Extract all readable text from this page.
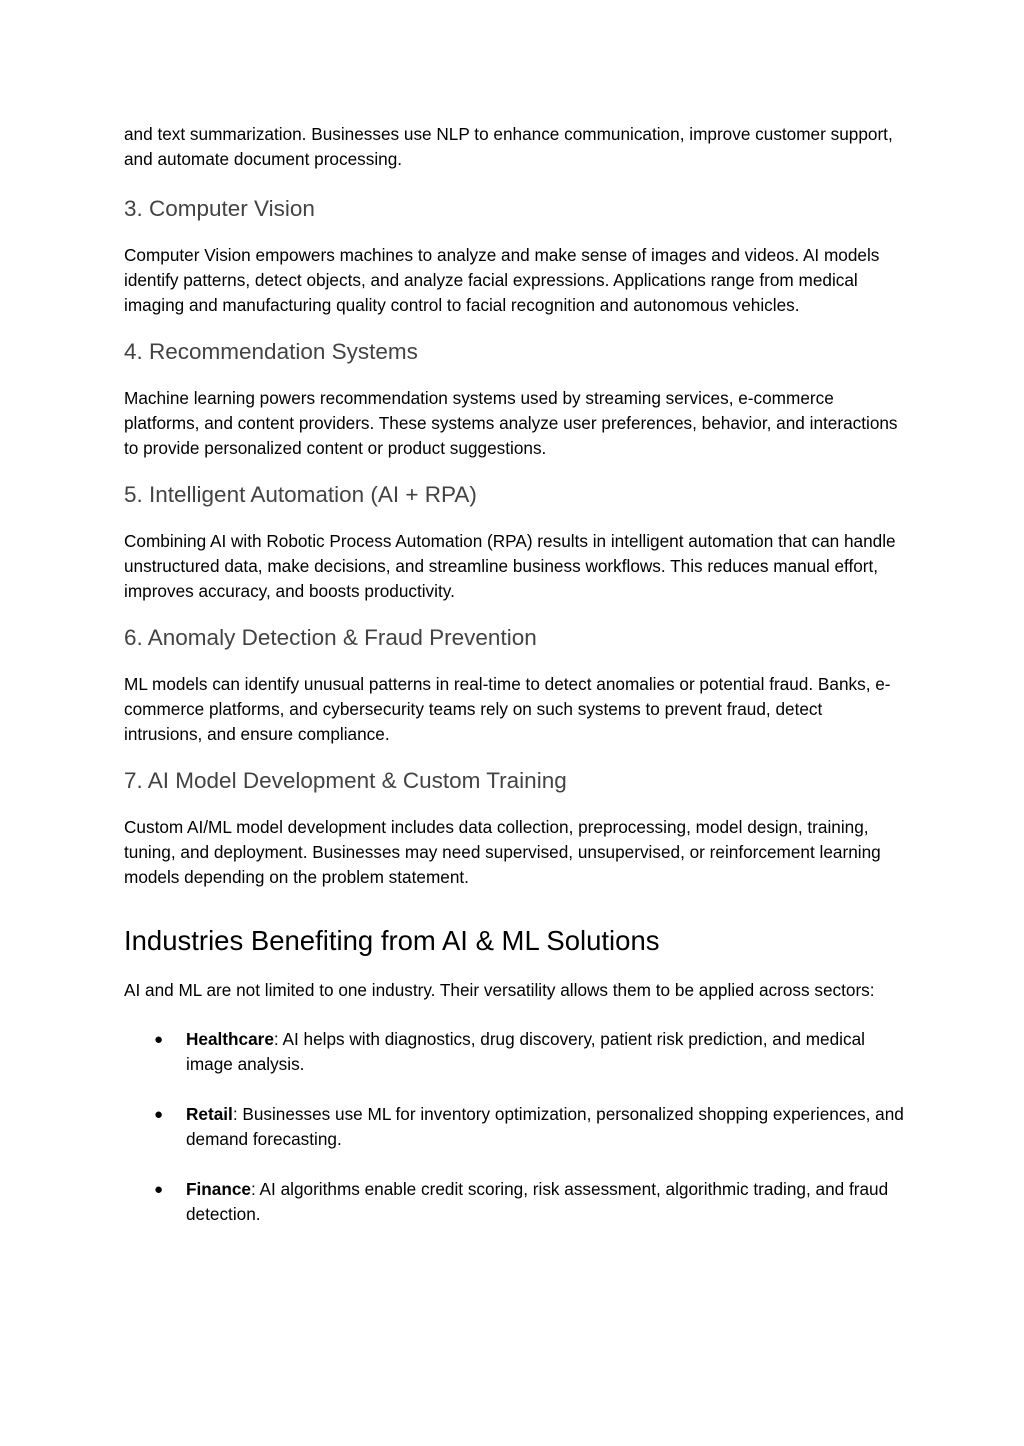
and text summarization. Businesses use NLP to enhance communication, improve customer support, and automate document processing.

3. Computer Vision

Computer Vision empowers machines to analyze and make sense of images and videos. AI models identify patterns, detect objects, and analyze facial expressions. Applications range from medical imaging and manufacturing quality control to facial recognition and autonomous vehicles.

4. Recommendation Systems

Machine learning powers recommendation systems used by streaming services, e-commerce platforms, and content providers. These systems analyze user preferences, behavior, and interactions to provide personalized content or product suggestions.

5. Intelligent Automation (AI + RPA)

Combining AI with Robotic Process Automation (RPA) results in intelligent automation that can handle unstructured data, make decisions, and streamline business workflows. This reduces manual effort, improves accuracy, and boosts productivity.

6. Anomaly Detection & Fraud Prevention

ML models can identify unusual patterns in real-time to detect anomalies or potential fraud. Banks, e-commerce platforms, and cybersecurity teams rely on such systems to prevent fraud, detect intrusions, and ensure compliance.

7. AI Model Development & Custom Training

Custom AI/ML model development includes data collection, preprocessing, model design, training, tuning, and deployment. Businesses may need supervised, unsupervised, or reinforcement learning models depending on the problem statement.

Industries Benefiting from AI & ML Solutions

AI and ML are not limited to one industry. Their versatility allows them to be applied across sectors:

● Healthcare: AI helps with diagnostics, drug discovery, patient risk prediction, and medical image analysis.
● Retail: Businesses use ML for inventory optimization, personalized shopping experiences, and demand forecasting.
● Finance: AI algorithms enable credit scoring, risk assessment, algorithmic trading, and fraud detection.
